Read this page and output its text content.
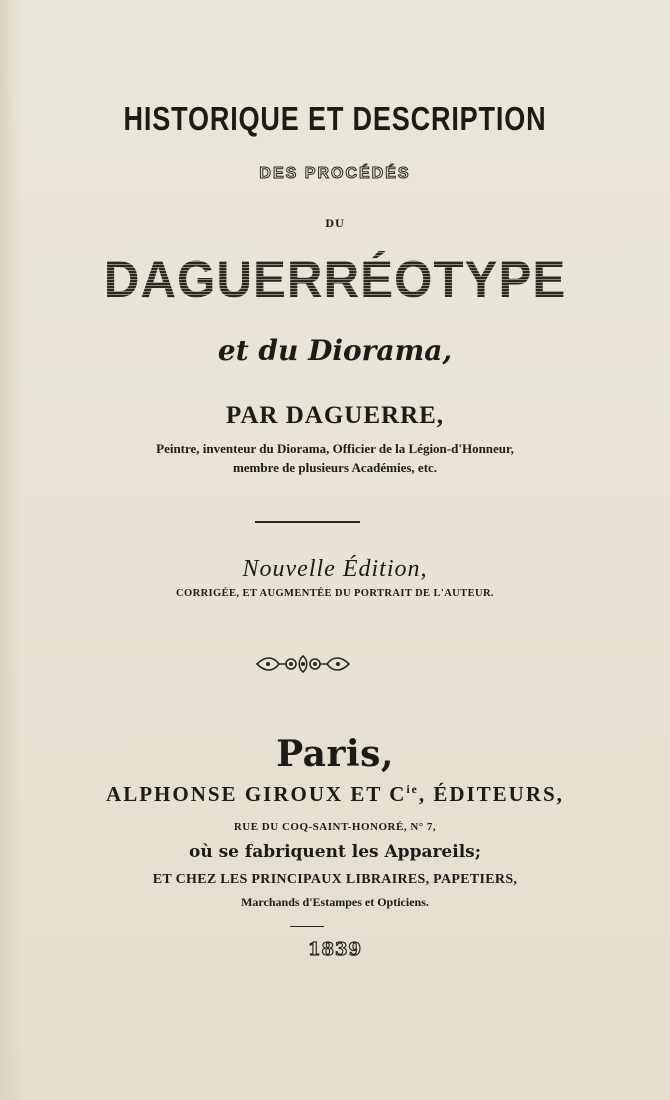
HISTORIQUE ET DESCRIPTION
DES PROCÉDÉS
DU
DAGUERRÉOTYPE
et du Diorama,
PAR DAGUERRE,
Peintre, inventeur du Diorama, Officier de la Légion-d'Honneur,
membre de plusieurs Académies, etc.
Nouvelle Édition,
CORRIGÉE, ET AUGMENTÉE DU PORTRAIT DE L'AUTEUR.
Paris,
ALPHONSE GIROUX ET $C^{ie}$, ÉDITEURS,
RUE DU COQ-SAINT-HONORÉ, N° 7,
où se fabriquent les Appareils;
ET CHEZ LES PRINCIPAUX LIBRAIRES, PAPETIERS,
Marchands d'Estampes et Opticiens.
1839
